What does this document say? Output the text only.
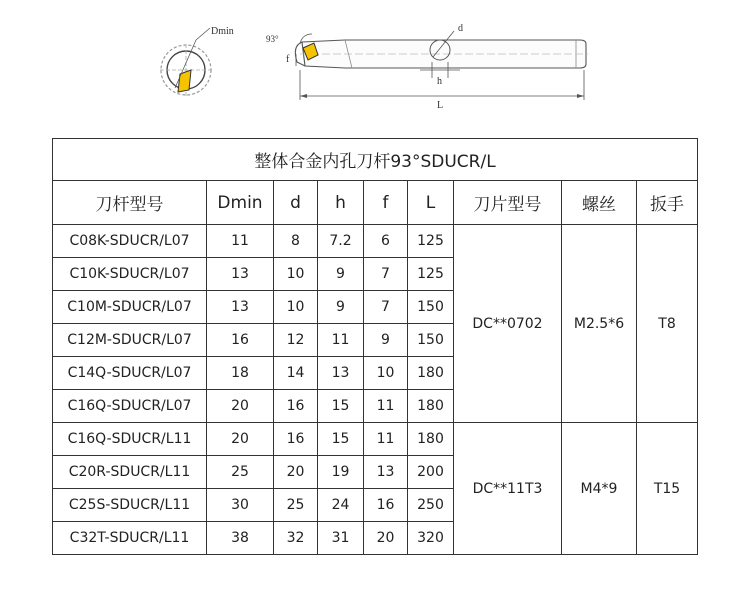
Dmin
93°
f
d
h
L
整体合金内孔刀杆93°SDUCR/L								
刀杆型号	Dmin	d	h	f	L	刀片型号	螺丝	扳手
C08K-SDUCR/L07	11	8	7.2	6	125	DC**0702	M2.5*6	T8
C10K-SDUCR/L07	13	10	9	7	125			
C10M-SDUCR/L07	13	10	9	7	150			
C12M-SDUCR/L07	16	12	11	9	150			
C14Q-SDUCR/L07	18	14	13	10	180			
C16Q-SDUCR/L07	20	16	15	11	180			
C16Q-SDUCR/L11	20	16	15	11	180	DC**11T3	M4*9	T15
C20R-SDUCR/L11	25	20	19	13	200			
C25S-SDUCR/L11	30	25	24	16	250			
C32T-SDUCR/L11	38	32	31	20	320			
